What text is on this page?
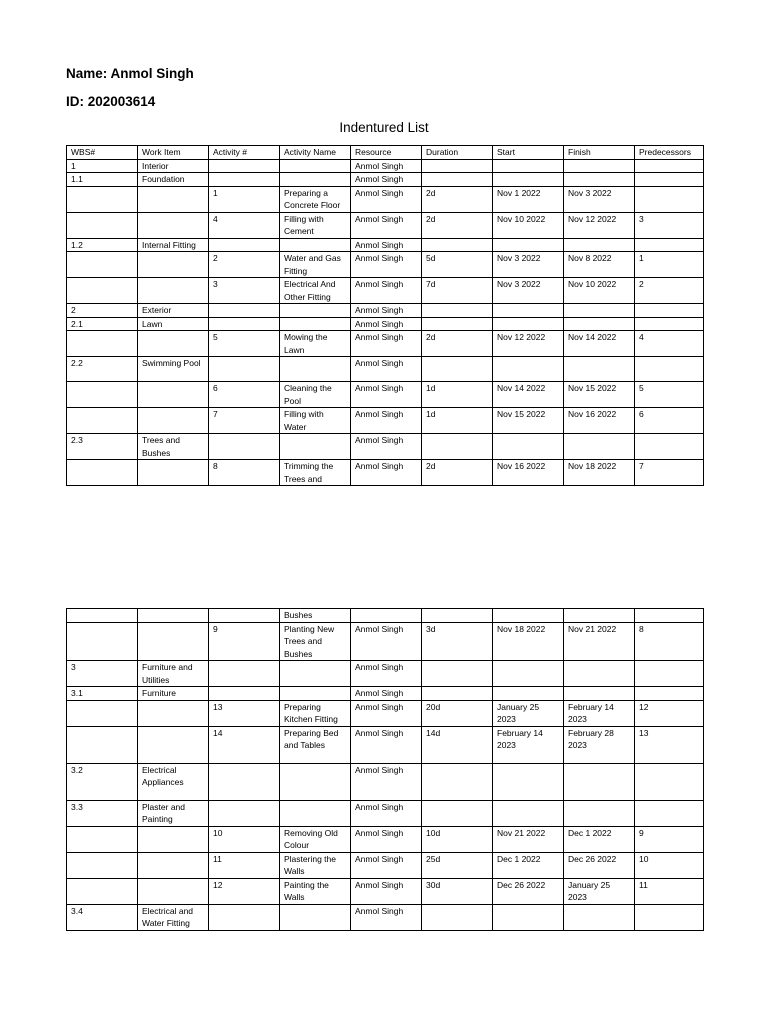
Name: Anmol Singh
ID: 202003614
Indentured List
WBS#	Work Item	Activity #	Activity Name	Resource	Duration	Start	Finish	Predecessors
1	Interior			Anmol Singh				
1.1	Foundation			Anmol Singh				
		1	Preparing a Concrete Floor	Anmol Singh	2d	Nov 1 2022	Nov 3 2022	
		4	Filling with Cement	Anmol Singh	2d	Nov 10 2022	Nov 12 2022	3
1.2	Internal Fitting			Anmol Singh				
		2	Water and Gas Fitting	Anmol Singh	5d	Nov 3 2022	Nov 8 2022	1
		3	Electrical And Other Fitting	Anmol Singh	7d	Nov 3 2022	Nov 10 2022	2
2	Exterior			Anmol Singh				
2.1	Lawn			Anmol Singh				
		5	Mowing the Lawn	Anmol Singh	2d	Nov 12 2022	Nov 14 2022	4
2.2	Swimming Pool			Anmol Singh				
		6	Cleaning the Pool	Anmol Singh	1d	Nov 14 2022	Nov 15 2022	5
		7	Filling with Water	Anmol Singh	1d	Nov 15 2022	Nov 16 2022	6
2.3	Trees and Bushes			Anmol Singh				
		8	Trimming the Trees and	Anmol Singh	2d	Nov 16 2022	Nov 18 2022	7
			Bushes					
		9	Planting New Trees and Bushes	Anmol Singh	3d	Nov 18 2022	Nov 21 2022	8
3	Furniture and Utilities			Anmol Singh				
3.1	Furniture			Anmol Singh				
		13	Preparing Kitchen Fitting	Anmol Singh	20d	January 25 2023	February 14 2023	12
		14	Preparing Bed and Tables	Anmol Singh	14d	February 14 2023	February 28 2023	13
3.2	Electrical Appliances			Anmol Singh				
3.3	Plaster and Painting			Anmol Singh				
		10	Removing Old Colour	Anmol Singh	10d	Nov 21 2022	Dec 1 2022	9
		11	Plastering the Walls	Anmol Singh	25d	Dec 1 2022	Dec 26 2022	10
		12	Painting the Walls	Anmol Singh	30d	Dec 26 2022	January 25 2023	11
3.4	Electrical and Water Fitting			Anmol Singh				
